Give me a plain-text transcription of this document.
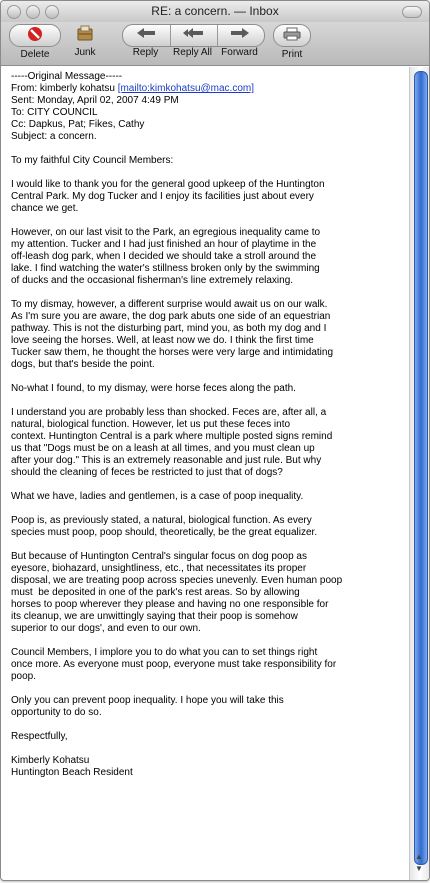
RE: a concern. — Inbox
Delete	Junk	Reply	Reply All Forward	Print
-----Original Message-----
From: kimberly kohatsu [mailto:kimkohatsu@mac.com]
Sent: Monday, April 02, 2007 4:49 PM
To: CITY COUNCIL
Cc: Dapkus, Pat; Fikes, Cathy
Subject: a concern.

To my faithful City Council Members:

I would like to thank you for the general good upkeep of the Huntington
Central Park. My dog Tucker and I enjoy its facilities just about every
chance we get.

However, on our last visit to the Park, an egregious inequality came to
my attention. Tucker and I had just finished an hour of playtime in the
off-leash dog park, when I decided we should take a stroll around the
lake. I find watching the water's stillness broken only by the swimming
of ducks and the occasional fisherman's line extremely relaxing.

To my dismay, however, a different surprise would await us on our walk.
As I'm sure you are aware, the dog park abuts one side of an equestrian
pathway. This is not the disturbing part, mind you, as both my dog and I
love seeing the horses. Well, at least now we do. I think the first time
Tucker saw them, he thought the horses were very large and intimidating
dogs, but that's beside the point.

No-what I found, to my dismay, were horse feces along the path.

I understand you are probably less than shocked. Feces are, after all, a
natural, biological function. However, let us put these feces into
context. Huntington Central is a park where multiple posted signs remind
us that "Dogs must be on a leash at all times, and you must clean up
after your dog." This is an extremely reasonable and just rule. But why
should the cleaning of feces be restricted to just that of dogs?

What we have, ladies and gentlemen, is a case of poop inequality.

Poop is, as previously stated, a natural, biological function. As every
species must poop, poop should, theoretically, be the great equalizer.

But because of Huntington Central's singular focus on dog poop as
eyesore, biohazard, unsightliness, etc., that necessitates its proper
disposal, we are treating poop across species unevenly. Even human poop
must  be deposited in one of the park's rest areas. So by allowing
horses to poop wherever they please and having no one responsible for
its cleanup, we are unwittingly saying that their poop is somehow
superior to our dogs', and even to our own.

Council Members, I implore you to do what you can to set things right
once more. As everyone must poop, everyone must take responsibility for
poop.

Only you can prevent poop inequality. I hope you will take this
opportunity to do so.

Respectfully,

Kimberly Kohatsu
Huntington Beach Resident

▲
▼
